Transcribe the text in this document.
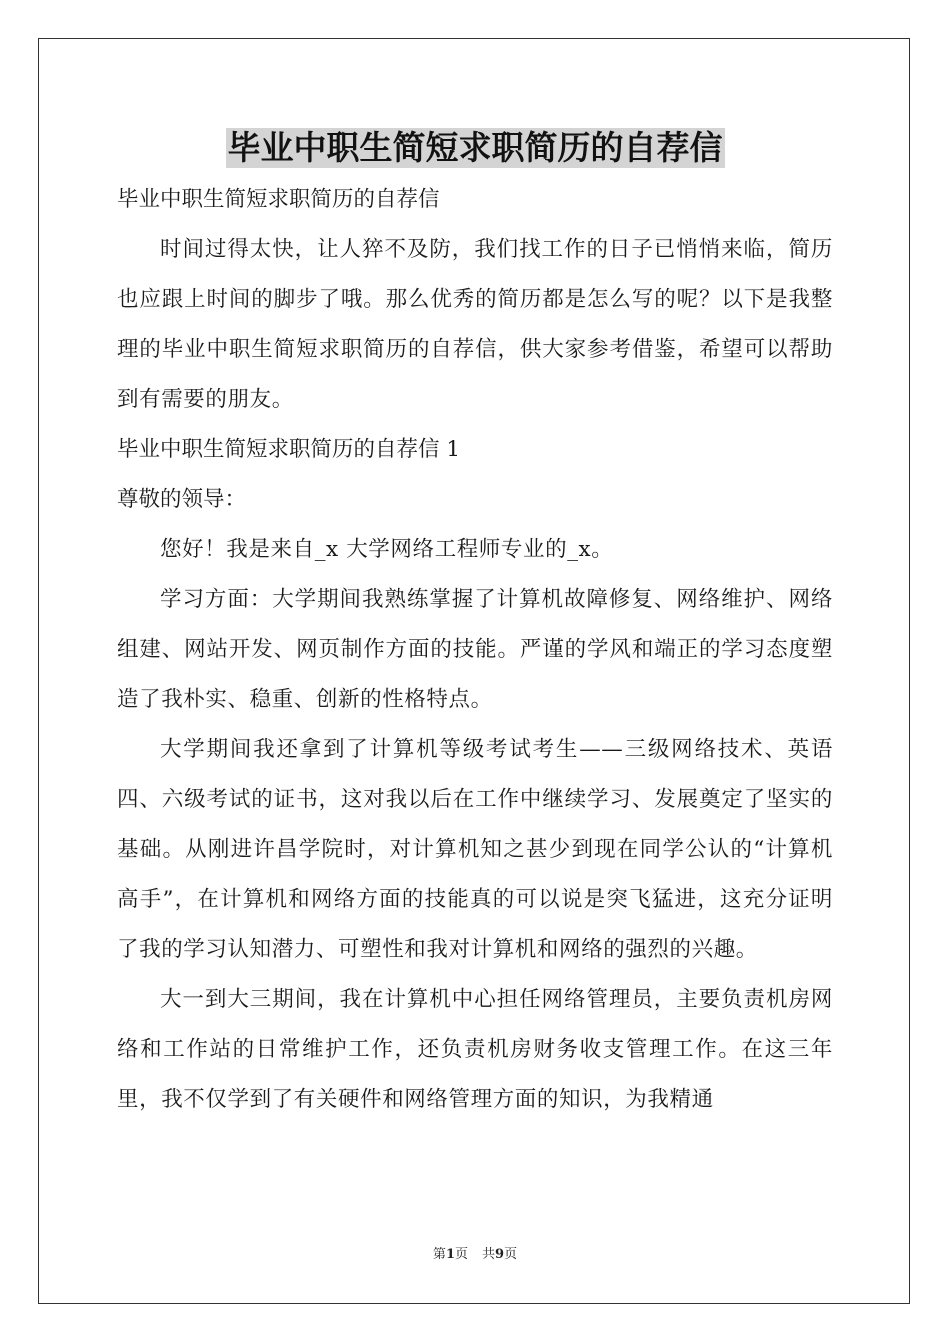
毕业中职生简短求职简历的自荐信

毕业中职生简短求职简历的自荐信

时间过得太快，让人猝不及防，我们找工作的日子已悄悄来临，简历也应跟上时间的脚步了哦。那么优秀的简历都是怎么写的呢？以下是我整理的毕业中职生简短求职简历的自荐信，供大家参考借鉴，希望可以帮助到有需要的朋友。

毕业中职生简短求职简历的自荐信 1

尊敬的领导：

您好！我是来自_x 大学网络工程师专业的_x。

学习方面：大学期间我熟练掌握了计算机故障修复、网络维护、网络组建、网站开发、网页制作方面的技能。严谨的学风和端正的学习态度塑造了我朴实、稳重、创新的性格特点。

大学期间我还拿到了计算机等级考试考生——三级网络技术、英语四、六级考试的证书，这对我以后在工作中继续学习、发展奠定了坚实的基础。从刚进许昌学院时，对计算机知之甚少到现在同学公认的“计算机高手”，在计算机和网络方面的技能真的可以说是突飞猛进，这充分证明了我的学习认知潜力、可塑性和我对计算机和网络的强烈的兴趣。

大一到大三期间，我在计算机中心担任网络管理员，主要负责机房网络和工作站的日常维护工作，还负责机房财务收支管理工作。在这三年里，我不仅学到了有关硬件和网络管理方面的知识，为我精通

第1页 共9页
